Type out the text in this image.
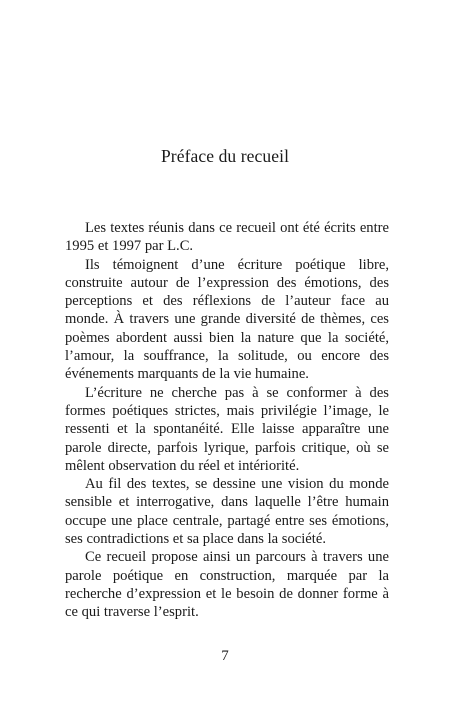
Préface du recueil

Les textes réunis dans ce recueil ont été écrits entre 1995 et 1997 par L.C.

Ils témoignent d’une écriture poétique libre, construite autour de l’expression des émotions, des perceptions et des réflexions de l’auteur face au monde. À travers une grande diversité de thèmes, ces poèmes abordent aussi bien la nature que la société, l’amour, la souffrance, la solitude, ou encore des événements marquants de la vie humaine.

L’écriture ne cherche pas à se conformer à des formes poétiques strictes, mais privilégie l’image, le ressenti et la spontanéité. Elle laisse apparaître une parole directe, parfois lyrique, parfois critique, où se mêlent observation du réel et intériorité.

Au fil des textes, se dessine une vision du monde sensible et interrogative, dans laquelle l’être humain occupe une place centrale, partagé entre ses émotions, ses contradictions et sa place dans la société.

Ce recueil propose ainsi un parcours à travers une parole poétique en construction, marquée par la recherche d’expression et le besoin de donner forme à ce qui traverse l’esprit.

7
